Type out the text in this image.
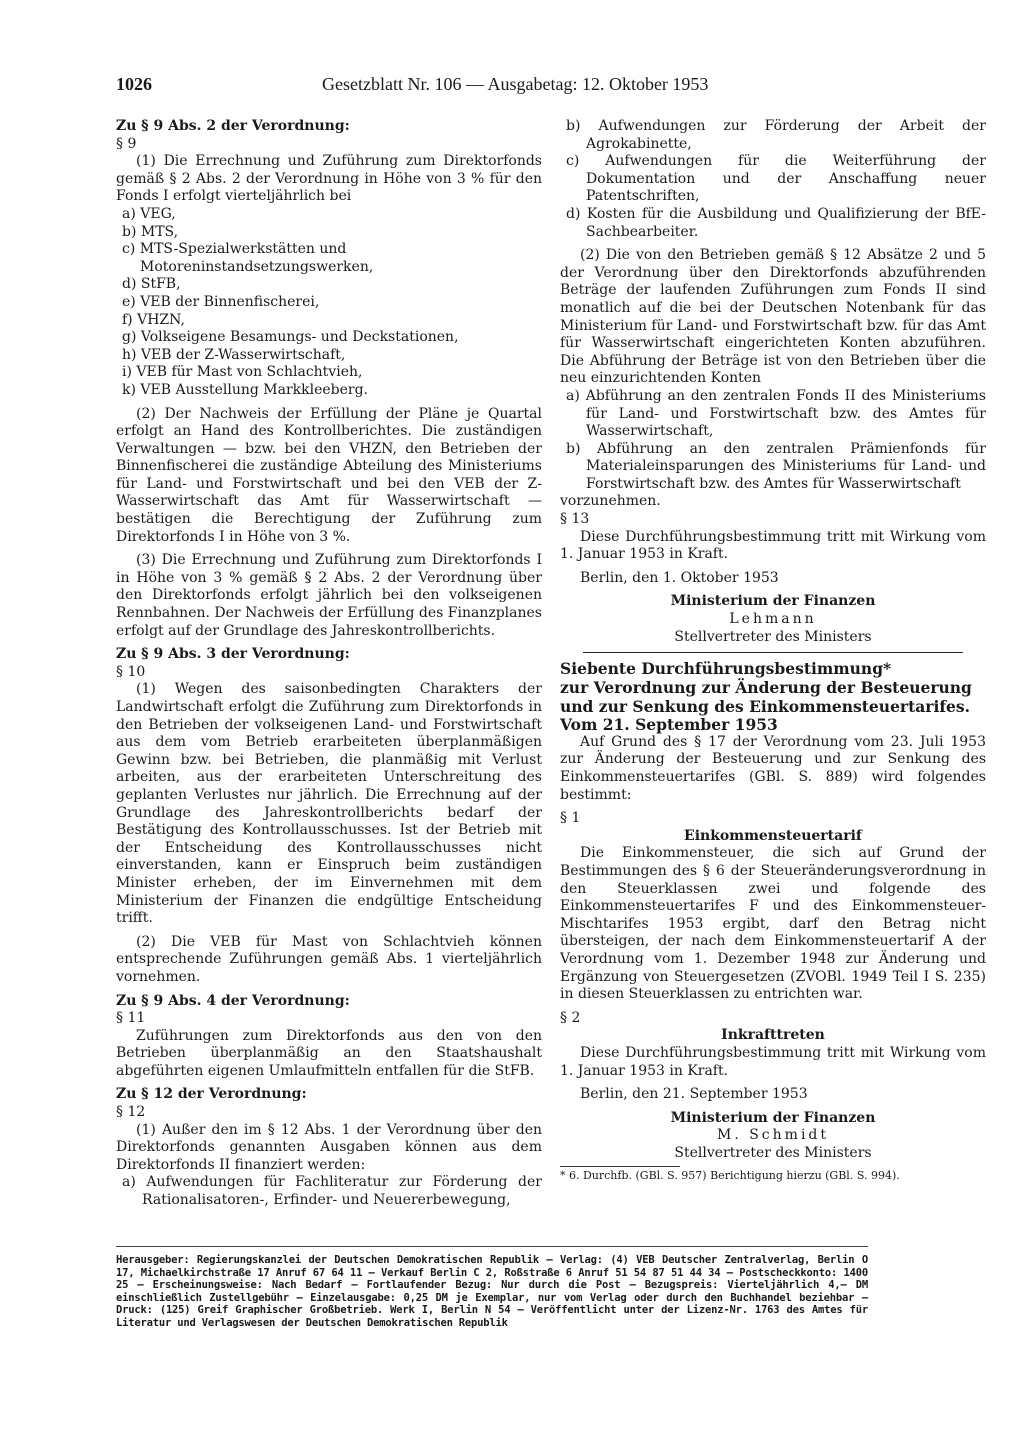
1026	Gesetzblatt Nr. 106 — Ausgabetag: 12. Oktober 1953

Zu § 9 Abs. 2 der Verordnung:

§ 9

(1) Die Errechnung und Zuführung zum Direktorfonds gemäß § 2 Abs. 2 der Verordnung in Höhe von 3 % für den Fonds I erfolgt vierteljährlich bei

a) VEG,
b) MTS,
c) MTS-Spezialwerkstätten und Motoreninstandsetzungswerken,
d) StFB,
e) VEB der Binnenfischerei,
f) VHZN,
g) Volkseigene Besamungs- und Deckstationen,
h) VEB der Z-Wasserwirtschaft,
i) VEB für Mast von Schlachtvieh,
k) VEB Ausstellung Markkleeberg.

(2) Der Nachweis der Erfüllung der Pläne je Quartal erfolgt an Hand des Kontrollberichtes. Die zuständigen Verwaltungen — bzw. bei den VHZN, den Betrieben der Binnenfischerei die zuständige Abteilung des Ministeriums für Land- und Forstwirtschaft und bei den VEB der Z-Wasserwirtschaft das Amt für Wasserwirtschaft — bestätigen die Berechtigung der Zuführung zum Direktorfonds I in Höhe von 3 %.

(3) Die Errechnung und Zuführung zum Direktorfonds I in Höhe von 3 % gemäß § 2 Abs. 2 der Verordnung über den Direktorfonds erfolgt jährlich bei den volkseigenen Rennbahnen. Der Nachweis der Erfüllung des Finanzplanes erfolgt auf der Grundlage des Jahreskontrollberichts.

Zu § 9 Abs. 3 der Verordnung:

§ 10

(1) Wegen des saisonbedingten Charakters der Landwirtschaft erfolgt die Zuführung zum Direktorfonds in den Betrieben der volkseigenen Land- und Forstwirtschaft aus dem vom Betrieb erarbeiteten überplanmäßigen Gewinn bzw. bei Betrieben, die planmäßig mit Verlust arbeiten, aus der erarbeiteten Unterschreitung des geplanten Verlustes nur jährlich. Die Errechnung auf der Grundlage des Jahreskontrollberichts bedarf der Bestätigung des Kontrollausschusses. Ist der Betrieb mit der Entscheidung des Kontrollausschusses nicht einverstanden, kann er Einspruch beim zuständigen Minister erheben, der im Einvernehmen mit dem Ministerium der Finanzen die endgültige Entscheidung trifft.

(2) Die VEB für Mast von Schlachtvieh können entsprechende Zuführungen gemäß Abs. 1 vierteljährlich vornehmen.

Zu § 9 Abs. 4 der Verordnung:

§ 11

Zuführungen zum Direktorfonds aus den von den Betrieben überplanmäßig an den Staatshaushalt abgeführten eigenen Umlaufmitteln entfallen für die StFB.

Zu § 12 der Verordnung:

§ 12

(1) Außer den im § 12 Abs. 1 der Verordnung über den Direktorfonds genannten Ausgaben können aus dem Direktorfonds II finanziert werden:

a) Aufwendungen für Fachliteratur zur Förderung der Rationalisatoren-, Erfinder- und Neuererbewegung,
b) Aufwendungen zur Förderung der Arbeit der Agrokabinette,
c) Aufwendungen für die Weiterführung der Dokumentation und der Anschaffung neuer Patentschriften,
d) Kosten für die Ausbildung und Qualifizierung der BfE-Sachbearbeiter.

(2) Die von den Betrieben gemäß § 12 Absätze 2 und 5 der Verordnung über den Direktorfonds abzuführenden Beträge der laufenden Zuführungen zum Fonds II sind monatlich auf die bei der Deutschen Notenbank für das Ministerium für Land- und Forstwirtschaft bzw. für das Amt für Wasserwirtschaft eingerichteten Konten abzuführen. Die Abführung der Beträge ist von den Betrieben über die neu einzurichtenden Konten

a) Abführung an den zentralen Fonds II des Ministeriums für Land- und Forstwirtschaft bzw. des Amtes für Wasserwirtschaft,
b) Abführung an den zentralen Prämienfonds für Materialeinsparungen des Ministeriums für Land- und Forstwirtschaft bzw. des Amtes für Wasserwirtschaft

vorzunehmen.

§ 13

Diese Durchführungsbestimmung tritt mit Wirkung vom 1. Januar 1953 in Kraft.

Berlin, den 1. Oktober 1953

Ministerium der Finanzen

Lehmann

Stellvertreter des Ministers

Siebente Durchführungsbestimmung*

zur Verordnung zur Änderung der Besteuerung

und zur Senkung des Einkommensteuertarifes.

Vom 21. September 1953

Auf Grund des § 17 der Verordnung vom 23. Juli 1953 zur Änderung der Besteuerung und zur Senkung des Einkommensteuertarifes (GBl. S. 889) wird folgendes bestimmt:

§ 1

Einkommensteuertarif

Die Einkommensteuer, die sich auf Grund der Bestimmungen des § 6 der Steueränderungsverordnung in den Steuerklassen zwei und folgende des Einkommensteuertarifes F und des Einkommensteuer-Mischtarifes 1953 ergibt, darf den Betrag nicht übersteigen, der nach dem Einkommensteuertarif A der Verordnung vom 1. Dezember 1948 zur Änderung und Ergänzung von Steuergesetzen (ZVOBl. 1949 Teil I S. 235) in diesen Steuerklassen zu entrichten war.

§ 2

Inkrafttreten

Diese Durchführungsbestimmung tritt mit Wirkung vom 1. Januar 1953 in Kraft.

Berlin, den 21. September 1953

Ministerium der Finanzen

M. Schmidt

Stellvertreter des Ministers

* 6. Durchfb. (GBl. S. 957) Berichtigung hierzu (GBl. S. 994).

Herausgeber: Regierungskanzlei der Deutschen Demokratischen Republik — Verlag: (4) VEB Deutscher Zentralverlag, Berlin O 17, Michaelkirchstraße 17 Anruf 67 64 11 — Verkauf Berlin C 2, Roßstraße 6 Anruf 51 54 87 51 44 34 — Postscheckkonto: 1400 25 — Erscheinungsweise: Nach Bedarf — Fortlaufender Bezug: Nur durch die Post — Bezugspreis: Vierteljährlich 4,— DM einschließlich Zustellgebühr — Einzelausgabe: 0,25 DM je Exemplar, nur vom Verlag oder durch den Buchhandel beziehbar — Druck: (125) Greif Graphischer Großbetrieb. Werk I, Berlin N 54 — Veröffentlicht unter der Lizenz-Nr. 1763 des Amtes für Literatur und Verlagswesen der Deutschen Demokratischen Republik
